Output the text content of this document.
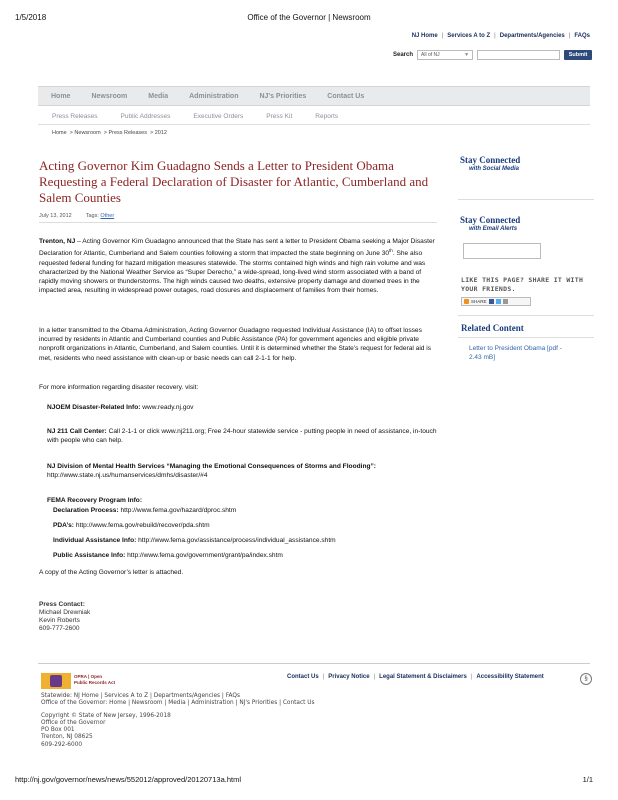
1/5/2018	Office of the Governor | Newsroom
NJ Home | Services A to Z | Departments/Agencies | FAQs
Search	All of NJ	▼	Submit
Home	Newsroom	Media	Administration	NJ's Priorities	Contact Us
Press Releases	Public Addresses	Executive Orders	Press Kit	Reports
Home > Newsroom > Press Releases > 2012
Acting Governor Kim Guadagno Sends a Letter to President Obama Requesting a Federal Declaration of Disaster for Atlantic, Cumberland and Salem Counties
July 13, 2012	Tags: Other
Trenton, NJ – Acting Governor Kim Guadagno announced that the State has sent a letter to President Obama seeking a Major Disaster Declaration for Atlantic, Cumberland and Salem counties following a storm that impacted the state beginning on June 30th. She also requested federal funding for hazard mitigation measures statewide. The storms contained high winds and high rain volume and was characterized by the National Weather Service as “Super Derecho,” a wide-spread, long-lived wind storm associated with a band of rapidly moving showers or thunderstorms. The high winds caused two deaths, extensive property damage and downed trees in the impacted area, resulting in widespread power outages, road closures and displacement of families from their homes.
In a letter transmitted to the Obama Administration, Acting Governor Guadagno requested Individual Assistance (IA) to offset losses incurred by residents in Atlantic and Cumberland counties and Public Assistance (PA) for government agencies and eligible private nonprofit organizations in Atlantic, Cumberland, and Salem counties. Until it is determined whether the State’s request for federal aid is met, residents who need assistance with clean-up or basic needs can call 2-1-1 for help.
For more information regarding disaster recovery. visit:
NJOEM Disaster-Related Info: www.ready.nj.gov
NJ 211 Call Center: Call 2-1-1 or click www.nj211.org; Free 24-hour statewide service - putting people in need of assistance, in-touch with people who can help.
NJ Division of Mental Health Services “Managing the Emotional Consequences of Storms and Flooding”: http://www.state.nj.us/humanservices/dmhs/disaster/#4
FEMA Recovery Program Info:
Declaration Process: http://www.fema.gov/hazard/dproc.shtm
PDA’s: http://www.fema.gov/rebuild/recover/pda.shtm
Individual Assistance Info: http://www.fema.gov/assistance/process/individual_assistance.shtm
Public Assistance Info: http://www.fema.gov/government/grant/pa/index.shtm
A copy of the Acting Governor’s letter is attached.
Press Contact:
Michael Drewniak
Kevin Roberts
609-777-2600
Stay Connected
with Social Media
Stay Connected
with Email Alerts
LIKE THIS PAGE? SHARE IT WITH YOUR FRIENDS.
SHARE
Related Content
Letter to President Obama [pdf - 2.43 mB]
OPRA | Open
Public Records Act
Contact Us | Privacy Notice | Legal Statement & Disclaimers | Accessibility Statement	§
Statewide: NJ Home | Services A to Z | Departments/Agencies | FAQs
Office of the Governor: Home | Newsroom | Media | Administration | NJ's Priorities | Contact Us
Copyright © State of New Jersey, 1996-2018
Office of the Governor
PO Box 001
Trenton, NJ 08625
609-292-6000
http://nj.gov/governor/news/news/552012/approved/20120713a.html	1/1
